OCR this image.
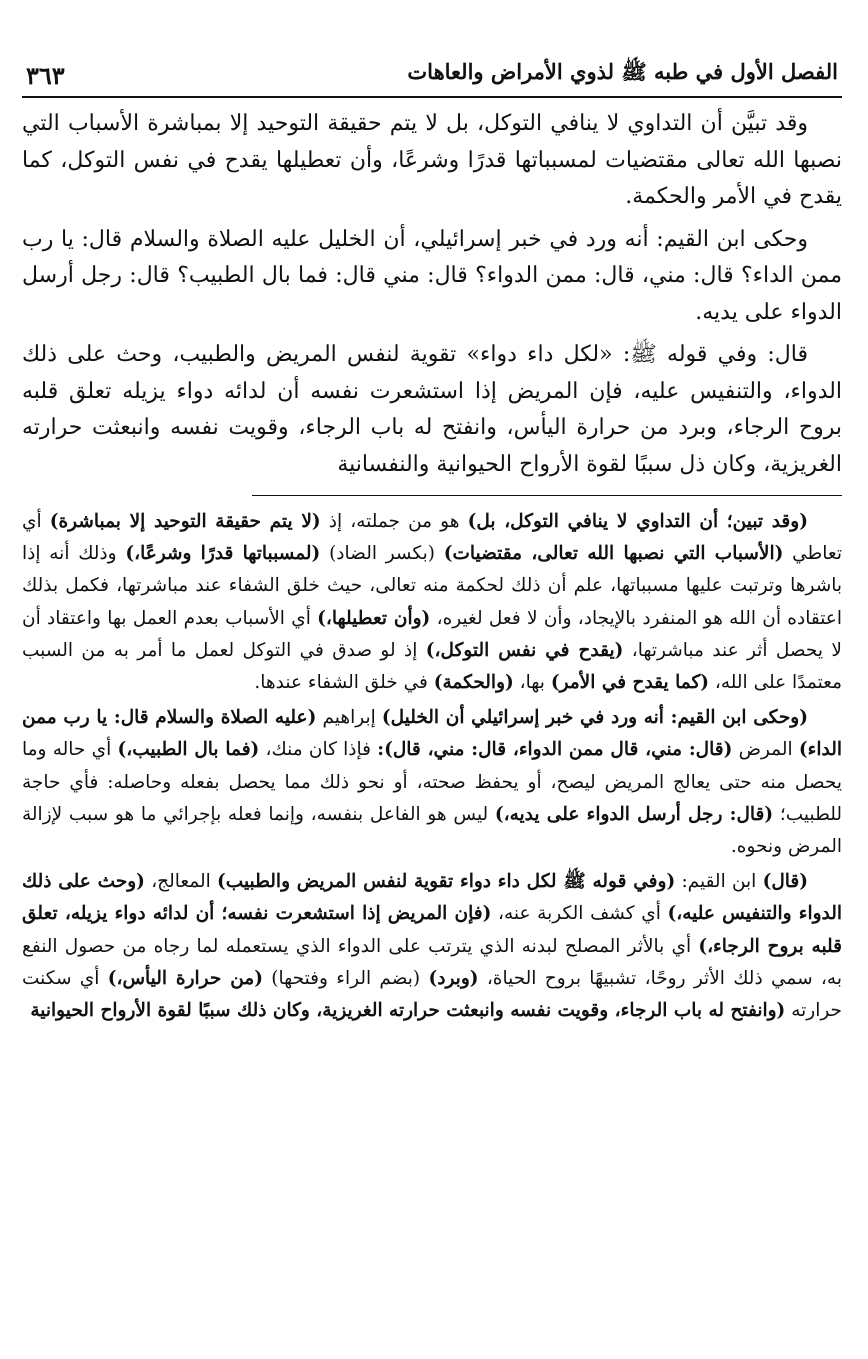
الفصل الأول في طبه ﷺ لذوي الأمراض والعاهات
٣٦٣

وقد تبيَّن أن التداوي لا ينافي التوكل، بل لا يتم حقيقة التوحيد إلا بمباشرة الأسباب التي نصبها الله تعالى مقتضيات لمسبباتها قدرًا وشرعًا، وأن تعطيلها يقدح في نفس التوكل، كما يقدح في الأمر والحكمة.

وحكى ابن القيم: أنه ورد في خبر إسرائيلي، أن الخليل عليه الصلاة والسلام قال: يا رب ممن الداء؟ قال: مني، قال: ممن الدواء؟ قال: مني قال: فما بال الطبيب؟ قال: رجل أرسل الدواء على يديه.

قال: وفي قوله ﷺ: «لكل داء دواء» تقوية لنفس المريض والطبيب، وحث على ذلك الدواء، والتنفيس عليه، فإن المريض إذا استشعرت نفسه أن لدائه دواء يزيله تعلق قلبه بروح الرجاء، وبرد من حرارة اليأس، وانفتح له باب الرجاء، وقويت نفسه وانبعثت حرارته الغريزية، وكان ذل سببًا لقوة الأرواح الحيوانية والنفسانية

(وقد تبين؛ أن التداوي لا ينافي التوكل، بل) هو من جملته، إذ (لا يتم حقيقة التوحيد إلا بمباشرة) أي تعاطي (الأسباب التي نصبها الله تعالى، مقتضيات) (بكسر الضاد) (لمسبباتها قدرًا وشرعًا،) وذلك أنه إذا باشرها وترتبت عليها مسبباتها، علم أن ذلك لحكمة منه تعالى، حيث خلق الشفاء عند مباشرتها، فكمل بذلك اعتقاده أن الله هو المنفرد بالإيجاد، وأن لا فعل لغيره، (وأن تعطيلها،) أي الأسباب بعدم العمل بها واعتقاد أن لا يحصل أثر عند مباشرتها، (يقدح في نفس التوكل،) إذ لو صدق في التوكل لعمل ما أمر به من السبب معتمدًا على الله، (كما يقدح في الأمر) بها، (والحكمة) في خلق الشفاء عندها.

(وحكى ابن القيم: أنه ورد في خبر إسرائيلي أن الخليل) إبراهيم (عليه الصلاة والسلام قال: يا رب ممن الداء) المرض (قال: مني، قال ممن الدواء، قال: مني، قال): فإذا كان منك، (فما بال الطبيب،) أي حاله وما يحصل منه حتى يعالج المريض ليصح، أو يحفظ صحته، أو نحو ذلك مما يحصل بفعله وحاصله: فأي حاجة للطبيب؛ (قال: رجل أرسل الدواء على يديه،) ليس هو الفاعل بنفسه، وإنما فعله بإجرائي ما هو سبب لإزالة المرض ونحوه.

(قال) ابن القيم: (وفي قوله ﷺ لكل داء دواء تقوية لنفس المريض والطبيب) المعالج، (وحث على ذلك الدواء والتنفيس عليه،) أي كشف الكربة عنه، (فإن المريض إذا استشعرت نفسه؛ أن لدائه دواء يزيله، تعلق قلبه بروح الرجاء،) أي بالأثر المصلح لبدنه الذي يترتب على الدواء الذي يستعمله لما رجاه من حصول النفع به، سمي ذلك الأثر روحًا، تشبيهًا بروح الحياة، (وبرد) (بضم الراء وفتحها) (من حرارة اليأس،) أي سكنت حرارته (وانفتح له باب الرجاء، وقويت نفسه وانبعثت حرارته الغريزية، وكان ذلك سببًا لقوة الأرواح الحيوانية
